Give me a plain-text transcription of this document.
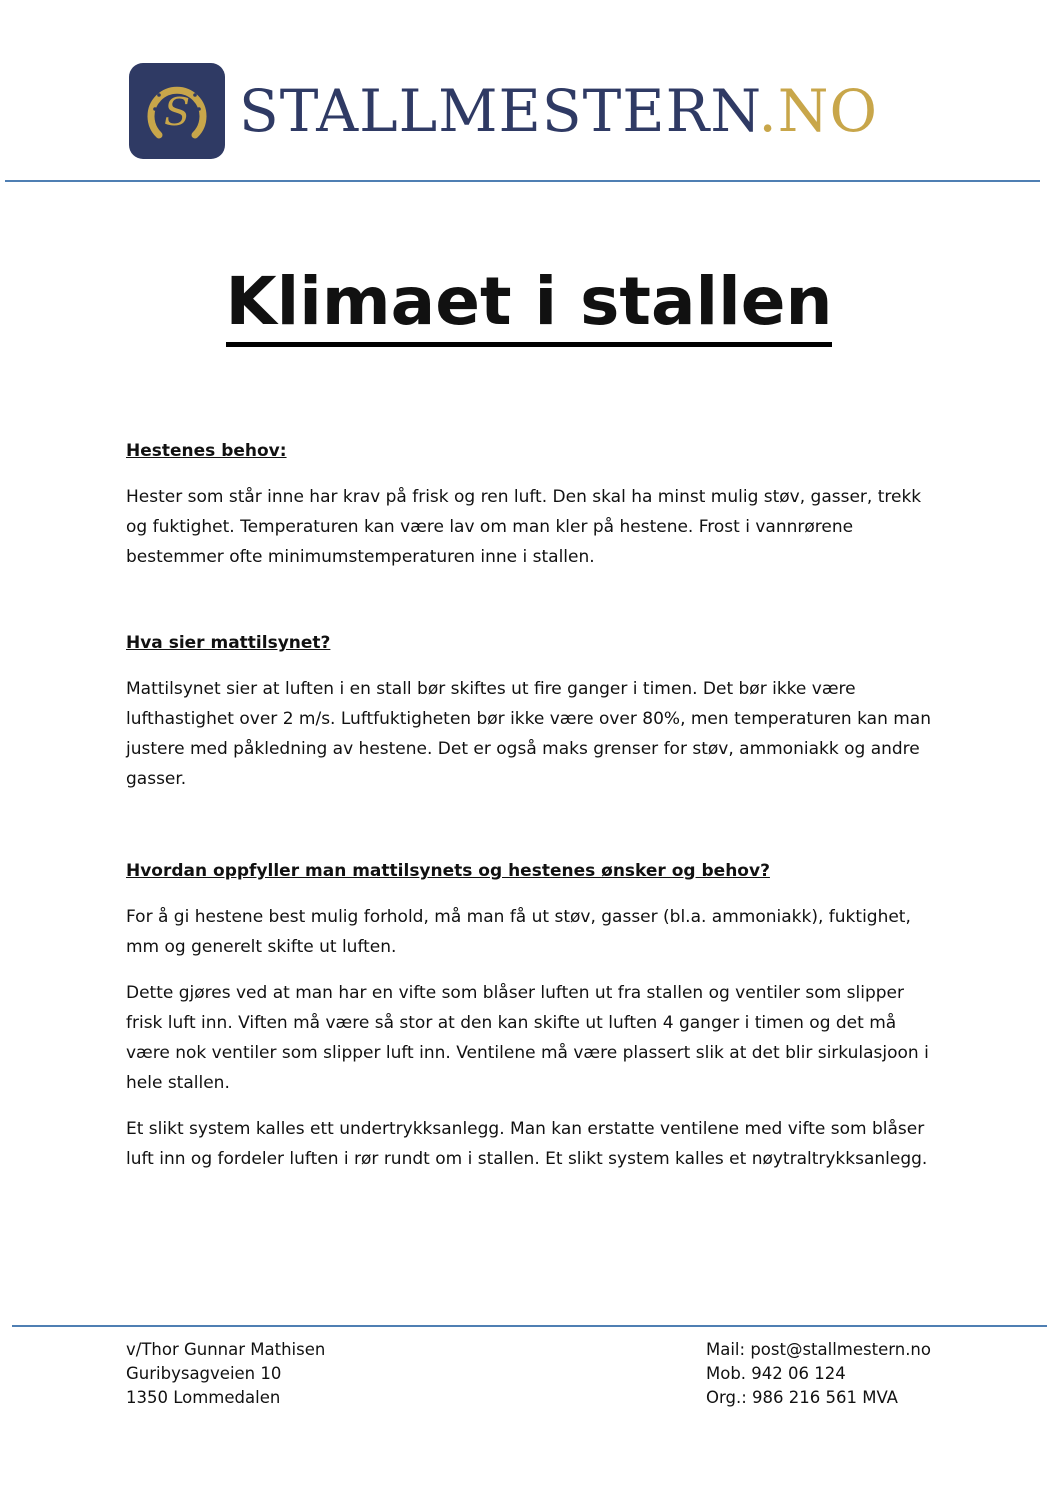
S STALLMESTERN.NO
Klimaet i stallen

Hestenes behov:

Hester som står inne har krav på frisk og ren luft. Den skal ha minst mulig støv, gasser, trekk og fuktighet. Temperaturen kan være lav om man kler på hestene. Frost i vannrørene bestemmer ofte minimumstemperaturen inne i stallen.

Hva sier mattilsynet?

Mattilsynet sier at luften i en stall bør skiftes ut fire ganger i timen. Det bør ikke være lufthastighet over 2 m/s. Luftfuktigheten bør ikke være over 80%, men temperaturen kan man justere med påkledning av hestene. Det er også maks grenser for støv, ammoniakk og andre gasser.

Hvordan oppfyller man mattilsynets og hestenes ønsker og behov?

For å gi hestene best mulig forhold, må man få ut støv, gasser (bl.a. ammoniakk), fuktighet, mm og generelt skifte ut luften.

Dette gjøres ved at man har en vifte som blåser luften ut fra stallen og ventiler som slipper frisk luft inn. Viften må være så stor at den kan skifte ut luften 4 ganger i timen og det må være nok ventiler som slipper luft inn. Ventilene må være plassert slik at det blir sirkulasjoon i hele stallen.

Et slikt system kalles ett undertrykksanlegg. Man kan erstatte ventilene med vifte som blåser luft inn og fordeler luften i rør rundt om i stallen. Et slikt system kalles et nøytraltrykksanlegg.

v/Thor Gunnar Mathisen
Guribysagveien 10
1350 Lommedalen
Mail: post@stallmestern.no
Mob. 942 06 124
Org.: 986 216 561 MVA
